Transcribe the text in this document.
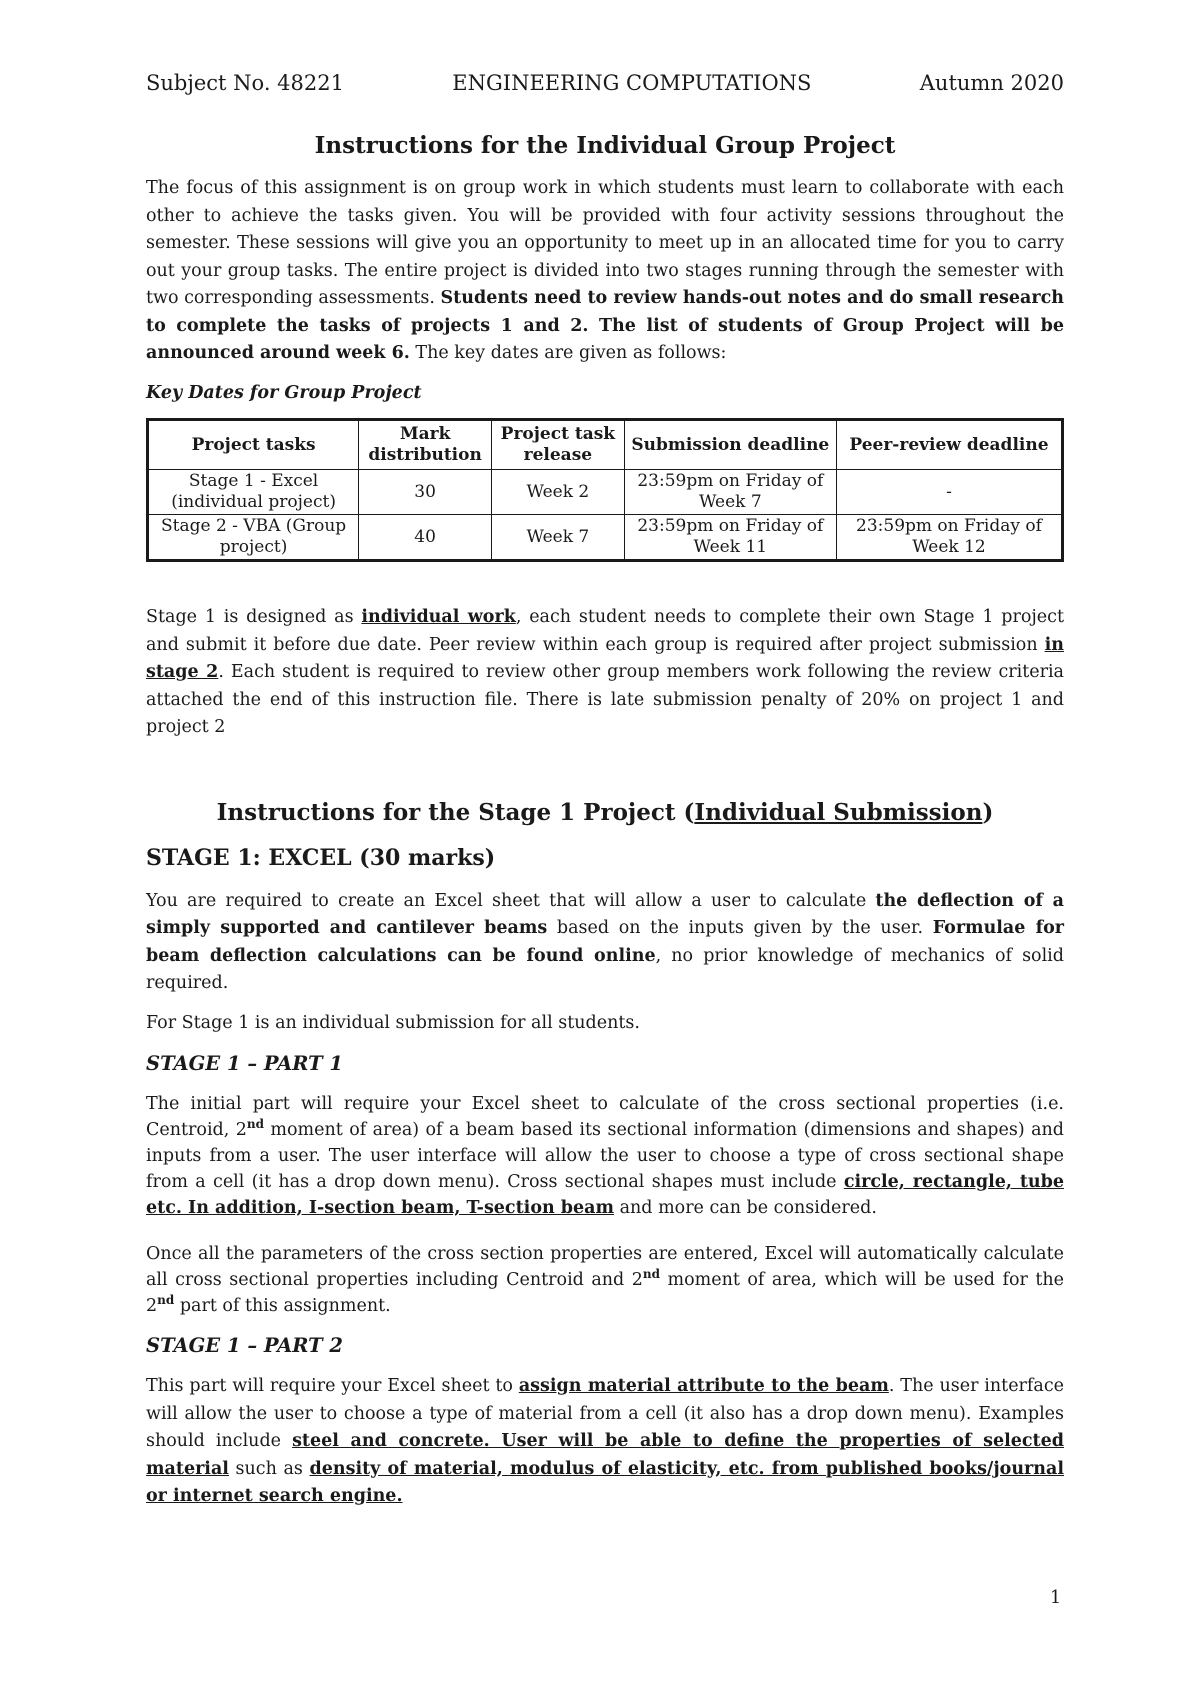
Subject No. 48221	ENGINEERING COMPUTATIONS	Autumn 2020
Instructions for the Individual Group Project

The focus of this assignment is on group work in which students must learn to collaborate with each other to achieve the tasks given. You will be provided with four activity sessions throughout the semester. These sessions will give you an opportunity to meet up in an allocated time for you to carry out your group tasks. The entire project is divided into two stages running through the semester with two corresponding assessments. Students need to review hands-out notes and do small research to complete the tasks of projects 1 and 2. The list of students of Group Project will be announced around week 6. The key dates are given as follows:

Key Dates for Group Project

Project tasks	Mark distribution	Project task release	Submission deadline	Peer-review deadline
Stage 1 - Excel (individual project)	30	Week 2	23:59pm on Friday of Week 7	-
Stage 2 - VBA (Group project)	40	Week 7	23:59pm on Friday of Week 11	23:59pm on Friday of Week 12

Stage 1 is designed as individual work, each student needs to complete their own Stage 1 project and submit it before due date. Peer review within each group is required after project submission in stage 2. Each student is required to review other group members work following the review criteria attached the end of this instruction file. There is late submission penalty of 20% on project 1 and project 2

Instructions for the Stage 1 Project (Individual Submission)
STAGE 1: EXCEL (30 marks)

You are required to create an Excel sheet that will allow a user to calculate the deflection of a simply supported and cantilever beams based on the inputs given by the user. Formulae for beam deflection calculations can be found online, no prior knowledge of mechanics of solid required.

For Stage 1 is an individual submission for all students.

STAGE 1 – PART 1

The initial part will require your Excel sheet to calculate of the cross sectional properties (i.e. Centroid, 2nd moment of area) of a beam based its sectional information (dimensions and shapes) and inputs from a user. The user interface will allow the user to choose a type of cross sectional shape from a cell (it has a drop down menu). Cross sectional shapes must include circle, rectangle, tube etc. In addition, I-section beam, T-section beam and more can be considered.

Once all the parameters of the cross section properties are entered, Excel will automatically calculate all cross sectional properties including Centroid and 2nd moment of area, which will be used for the 2nd part of this assignment.

STAGE 1 – PART 2

This part will require your Excel sheet to assign material attribute to the beam. The user interface will allow the user to choose a type of material from a cell (it also has a drop down menu). Examples should include steel and concrete. User will be able to define the properties of selected material such as density of material, modulus of elasticity, etc. from published books/journal or internet search engine.

1
